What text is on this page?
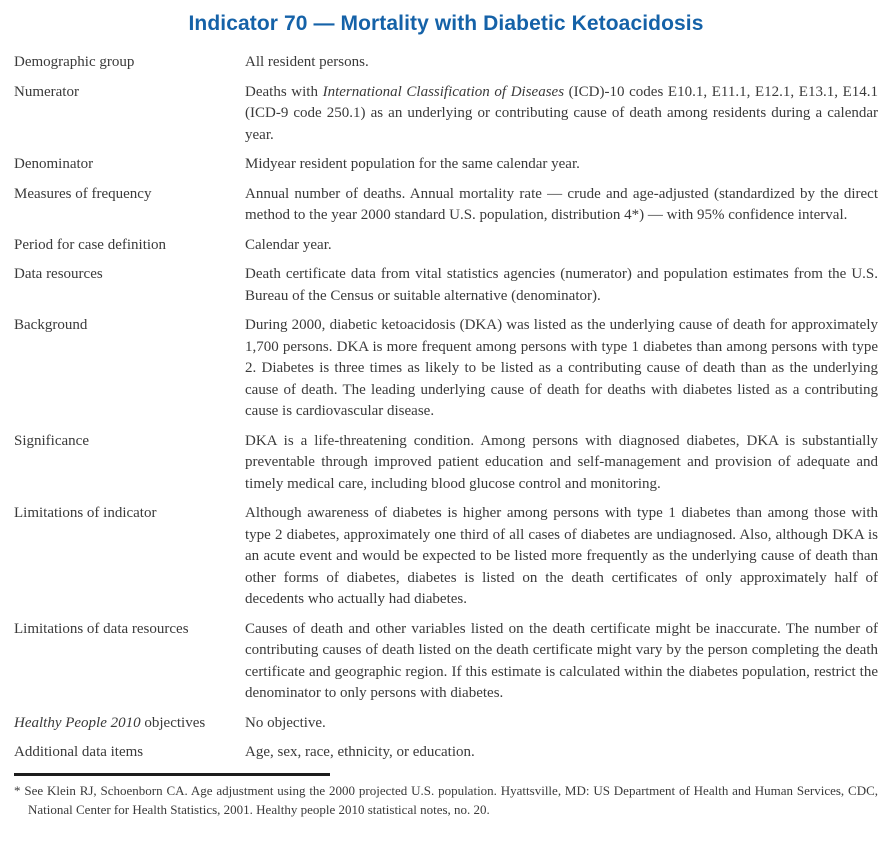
Indicator 70 — Mortality with Diabetic Ketoacidosis
Demographic group	All resident persons.
Numerator	Deaths with International Classification of Diseases (ICD)-10 codes E10.1, E11.1, E12.1, E13.1, E14.1 (ICD-9 code 250.1) as an underlying or contributing cause of death among residents during a calendar year.
Denominator	Midyear resident population for the same calendar year.
Measures of frequency	Annual number of deaths. Annual mortality rate — crude and age-adjusted (standardized by the direct method to the year 2000 standard U.S. population, distribution 4*) — with 95% confidence interval.
Period for case definition	Calendar year.
Data resources	Death certificate data from vital statistics agencies (numerator) and population estimates from the U.S. Bureau of the Census or suitable alternative (denominator).
Background	During 2000, diabetic ketoacidosis (DKA) was listed as the underlying cause of death for approximately 1,700 persons. DKA is more frequent among persons with type 1 diabetes than among persons with type 2. Diabetes is three times as likely to be listed as a contributing cause of death than as the underlying cause of death. The leading underlying cause of death for deaths with diabetes listed as a contributing cause is cardiovascular disease.
Significance	DKA is a life-threatening condition. Among persons with diagnosed diabetes, DKA is substantially preventable through improved patient education and self-management and provision of adequate and timely medical care, including blood glucose control and monitoring.
Limitations of indicator	Although awareness of diabetes is higher among persons with type 1 diabetes than among those with type 2 diabetes, approximately one third of all cases of diabetes are undiagnosed. Also, although DKA is an acute event and would be expected to be listed more frequently as the underlying cause of death than other forms of diabetes, diabetes is listed on the death certificates of only approximately half of decedents who actually had diabetes.
Limitations of data resources	Causes of death and other variables listed on the death certificate might be inaccurate. The number of contributing causes of death listed on the death certificate might vary by the person completing the death certificate and geographic region. If this estimate is calculated within the diabetes population, restrict the denominator to only persons with diabetes.
Healthy People 2010 objectives	No objective.
Additional data items	Age, sex, race, ethnicity, or education.

* See Klein RJ, Schoenborn CA. Age adjustment using the 2000 projected U.S. population. Hyattsville, MD: US Department of Health and Human Services, CDC, National Center for Health Statistics, 2001. Healthy people 2010 statistical notes, no. 20.
